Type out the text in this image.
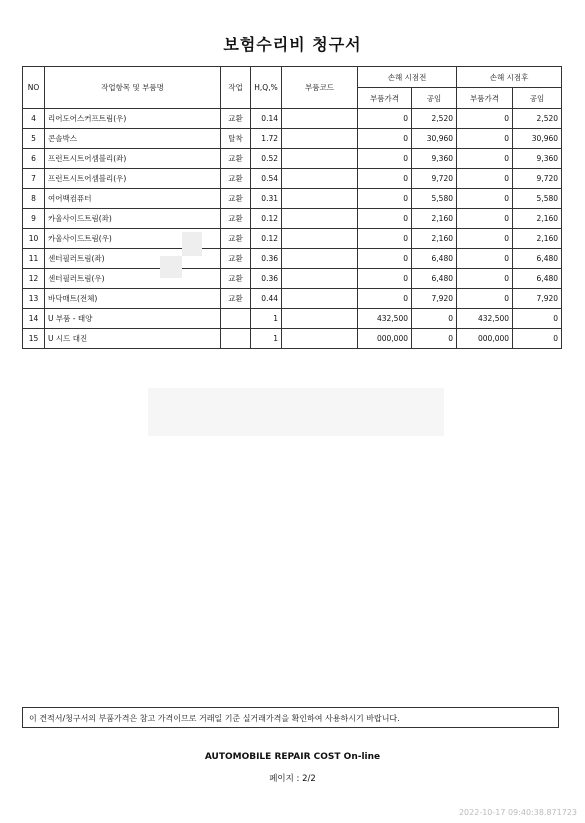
보험수리비 청구서
NO	작업항목 및 부품명	작업	H,Q,%	부품코드	손해 시점전		손해 시점후	
					부품가격	공임	부품가격	공임
4	리어도어스커프트림(우)	교환	0.14		0	2,520	0	2,520
5	콘솔박스	탈착	1.72		0	30,960	0	30,960
6	프런트시트어셈블리(좌)	교환	0.52		0	9,360	0	9,360
7	프런트시트어셈블리(우)	교환	0.54		0	9,720	0	9,720
8	여어백컴퓨터	교환	0.31		0	5,580	0	5,580
9	카울사이드트림(좌)	교환	0.12		0	2,160	0	2,160
10	카울사이드트림(우)	교환	0.12		0	2,160	0	2,160
11	센터필러트림(좌)	교환	0.36		0	6,480	0	6,480
12	센터필러트림(우)	교환	0.36		0	6,480	0	6,480
13	바닥매트(전체)	교환	0.44		0	7,920	0	7,920
14	U 부품 - 태양		1		432,500	0	432,500	0
15	U 시드 대진		1		000,000	0	000,000	0
이 견적서/청구서의 부품가격은 참고 가격이므로 거래일 기준 실거래가격을 확인하여 사용하시기 바랍니다.
AUTOMOBILE REPAIR COST On-line
페이지 : 2/2
2022-10-17 09:40:38.871723
